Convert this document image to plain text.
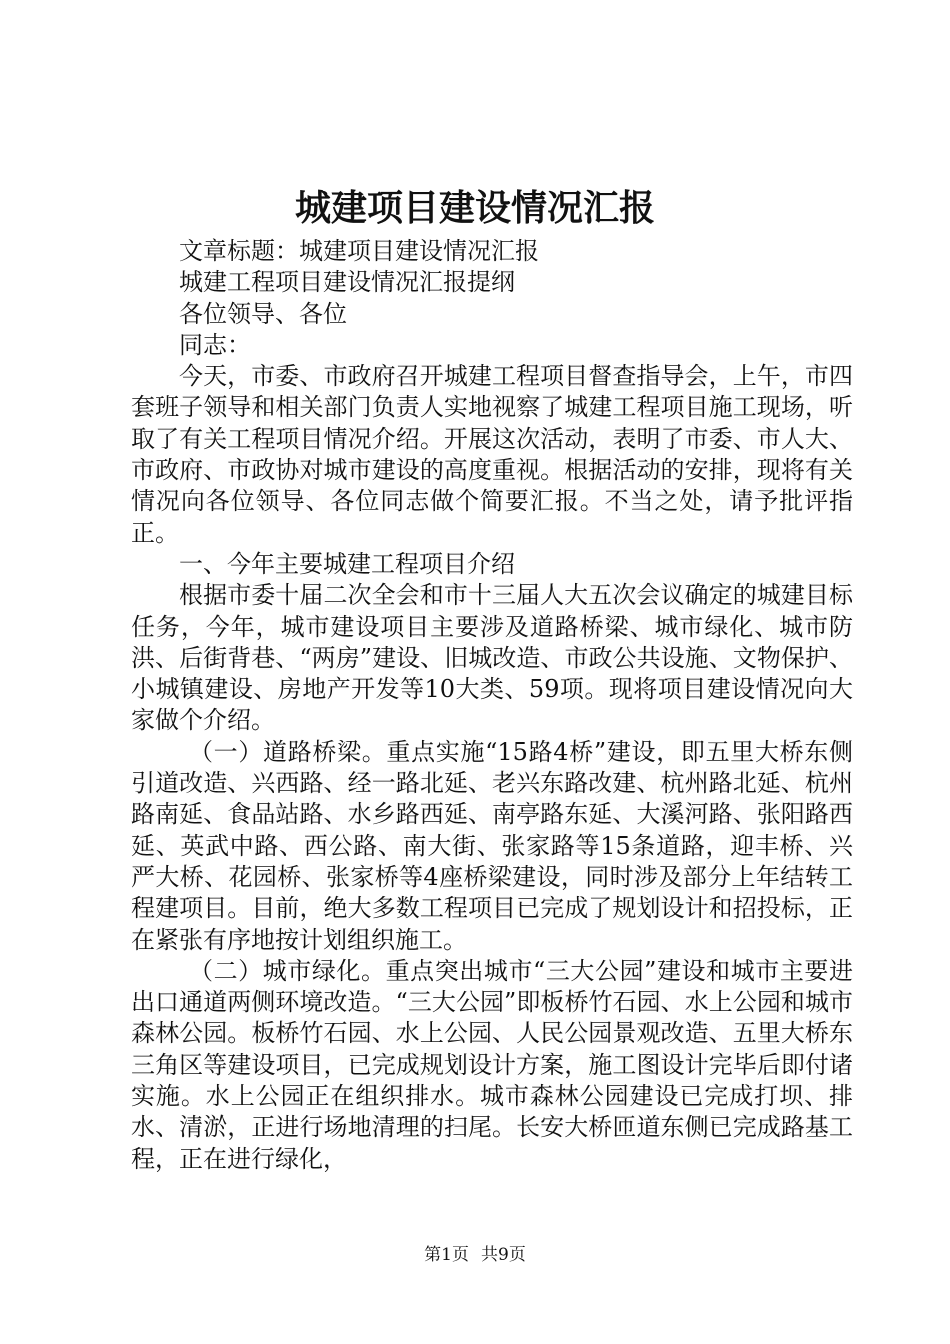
城建项目建设情况汇报

文章标题：城建项目建设情况汇报

城建工程项目建设情况汇报提纲

各位领导、各位

同志：

今天，市委、市政府召开城建工程项目督查指导会，上午，市四套班子领导和相关部门负责人实地视察了城建工程项目施工现场，听取了有关工程项目情况介绍。开展这次活动，表明了市委、市人大、市政府、市政协对城市建设的高度重视。根据活动的安排，现将有关情况向各位领导、各位同志做个简要汇报。不当之处，请予批评指正。

一、今年主要城建工程项目介绍

根据市委十届二次全会和市十三届人大五次会议确定的城建目标任务，今年，城市建设项目主要涉及道路桥梁、城市绿化、城市防洪、后街背巷、“两房”建设、旧城改造、市政公共设施、文物保护、小城镇建设、房地产开发等10大类、59项。现将项目建设情况向大家做个介绍。

（一）道路桥梁。重点实施“15路4桥”建设，即五里大桥东侧引道改造、兴西路、经一路北延、老兴东路改建、杭州路北延、杭州路南延、食品站路、水乡路西延、南亭路东延、大溪河路、张阳路西延、英武中路、西公路、南大街、张家路等15条道路，迎丰桥、兴严大桥、花园桥、张家桥等4座桥梁建设，同时涉及部分上年结转工程建项目。目前，绝大多数工程项目已完成了规划设计和招投标，正在紧张有序地按计划组织施工。

（二）城市绿化。重点突出城市“三大公园”建设和城市主要进出口通道两侧环境改造。“三大公园”即板桥竹石园、水上公园和城市森林公园。板桥竹石园、水上公园、人民公园景观改造、五里大桥东三角区等建设项目，已完成规划设计方案，施工图设计完毕后即付诸实施。水上公园正在组织排水。城市森林公园建设已完成打坝、排水、清淤，正进行场地清理的扫尾。长安大桥匝道东侧已完成路基工程，正在进行绿化，

第1页 共9页
